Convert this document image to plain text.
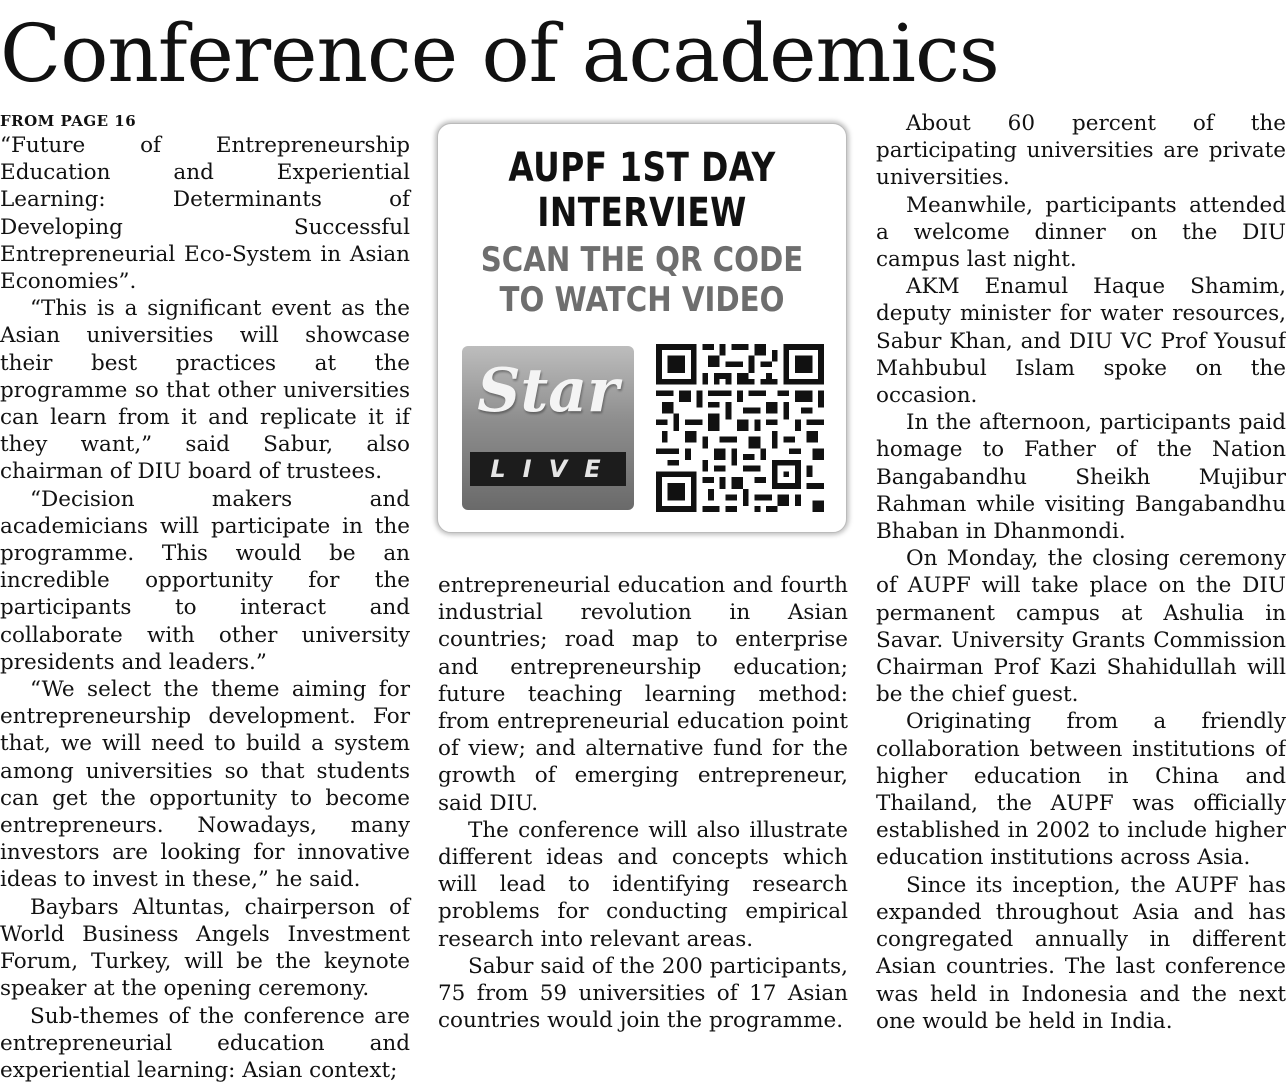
Conference of academics

FROM PAGE 16

“Future of Entrepreneurship Education and Experiential Learning: Determinants of Developing Successful Entrepreneurial Eco-System in Asian Economies”.

“This is a significant event as the Asian universities will showcase their best practices at the programme so that other universities can learn from it and replicate it if they want,” said Sabur, also chairman of DIU board of trustees.

“Decision makers and academicians will participate in the programme. This would be an incredible opportunity for the participants to interact and collaborate with other university presidents and leaders.”

“We select the theme aiming for entrepreneurship development. For that, we will need to build a system among universities so that students can get the opportunity to become entrepreneurs. Nowadays, many investors are looking for innovative ideas to invest in these,” he said.

Baybars Altuntas, chairperson of World Business Angels Investment Forum, Turkey, will be the keynote speaker at the opening ceremony.

Sub-themes of the conference are entrepreneurial education and experiential learning: Asian context;

AUPF 1ST DAY
INTERVIEW
SCAN THE QR CODE
TO WATCH VIDEO
Star
LIVE

entrepreneurial education and fourth industrial revolution in Asian countries; road map to enterprise and entrepreneurship education; future teaching learning method: from entrepreneurial education point of view; and alternative fund for the growth of emerging entrepreneur, said DIU.

The conference will also illustrate different ideas and concepts which will lead to identifying research problems for conducting empirical research into relevant areas.

Sabur said of the 200 participants, 75 from 59 universities of 17 Asian countries would join the programme.

About 60 percent of the participating universities are private universities.

Meanwhile, participants attended a welcome dinner on the DIU campus last night.

AKM Enamul Haque Shamim, deputy minister for water resources, Sabur Khan, and DIU VC Prof Yousuf Mahbubul Islam spoke on the occasion.

In the afternoon, participants paid homage to Father of the Nation Bangabandhu Sheikh Mujibur Rahman while visiting Bangabandhu Bhaban in Dhanmondi.

On Monday, the closing ceremony of AUPF will take place on the DIU permanent campus at Ashulia in Savar. University Grants Commission Chairman Prof Kazi Shahidullah will be the chief guest.

Originating from a friendly collaboration between institutions of higher education in China and Thailand, the AUPF was officially established in 2002 to include higher education institutions across Asia.

Since its inception, the AUPF has expanded throughout Asia and has congregated annually in different Asian countries. The last conference was held in Indonesia and the next one would be held in India.
